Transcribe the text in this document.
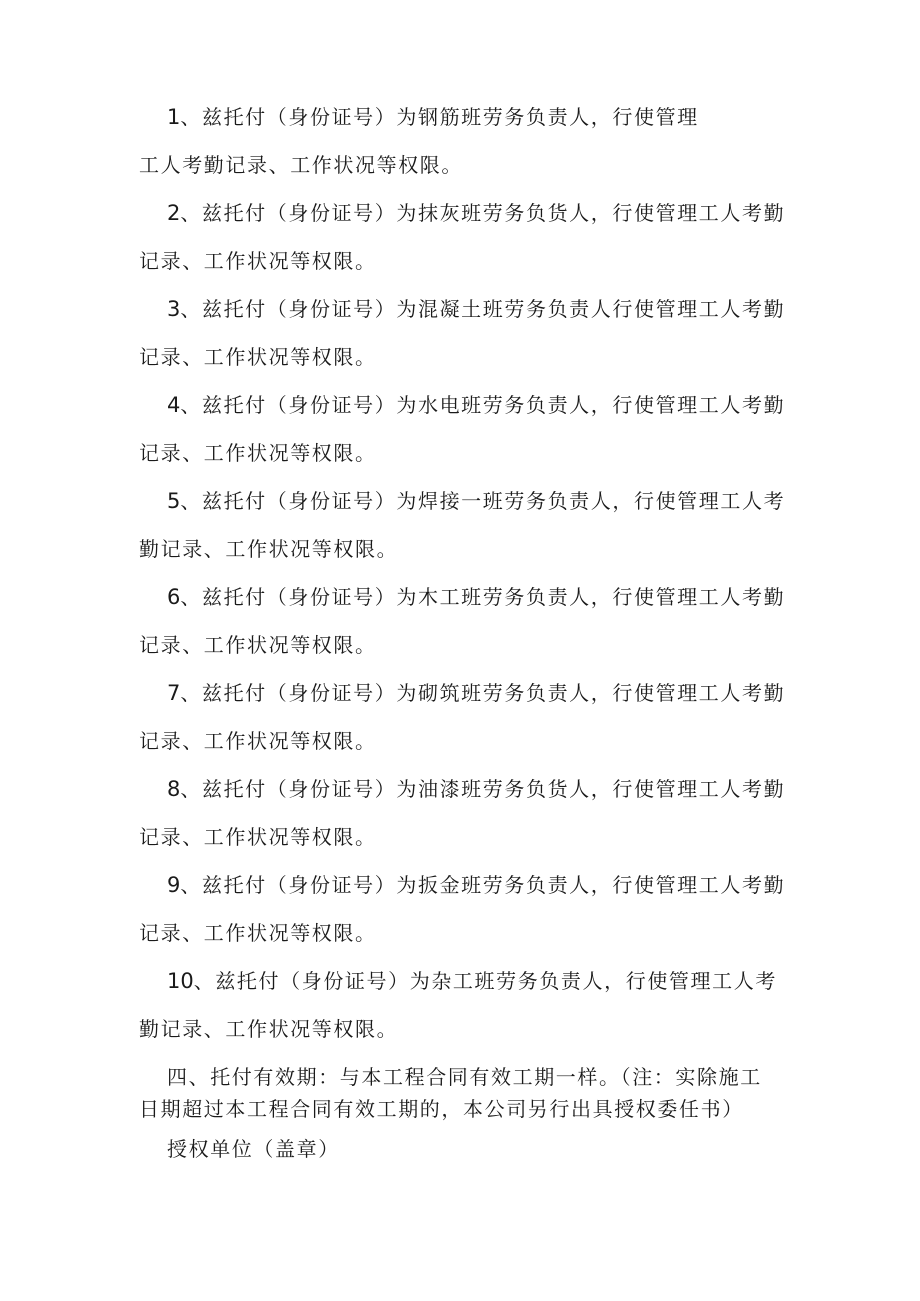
1、兹托付（身份证号）为钢筋班劳务负责人，行使管理
工人考勤记录、工作状况等权限。
2、兹托付（身份证号）为抹灰班劳务负货人，行使管理工人考勤
记录、工作状况等权限。
3、兹托付（身份证号）为混凝土班劳务负责人行使管理工人考勤
记录、工作状况等权限。
4、兹托付（身份证号）为水电班劳务负责人，行使管理工人考勤
记录、工作状况等权限。
5、兹托付（身份证号）为焊接一班劳务负责人，行使管理工人考
勤记录、工作状况等权限。
6、兹托付（身份证号）为木工班劳务负责人，行使管理工人考勤
记录、工作状况等权限。
7、兹托付（身份证号）为砌筑班劳务负责人，行使管理工人考勤
记录、工作状况等权限。
8、兹托付（身份证号）为油漆班劳务负货人，行使管理工人考勤
记录、工作状况等权限。
9、兹托付（身份证号）为扳金班劳务负责人，行使管理工人考勤
记录、工作状况等权限。
10、兹托付（身份证号）为杂工班劳务负责人，行使管理工人考
勤记录、工作状况等权限。
四、托付有效期：与本工程合同有效工期一样。（注：实除施工
日期超过本工程合同有效工期的，本公司另行出具授权委任书）
授权单位（盖章）
